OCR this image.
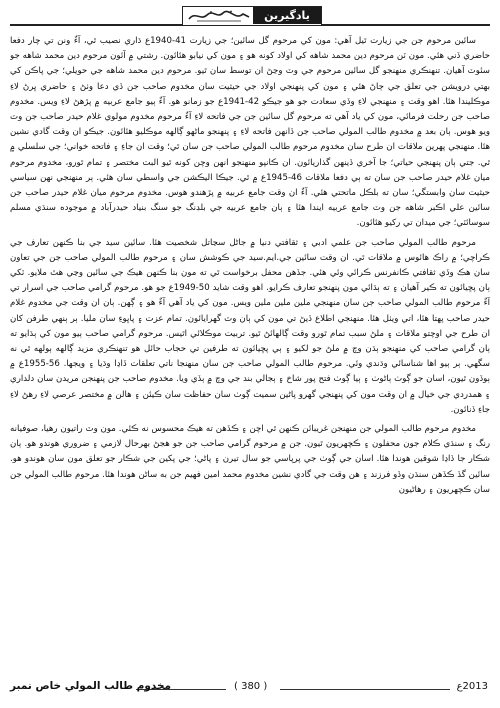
يادگيرين

سائين مرحوم جن جي زيارت ٿيل آهي: مون کي مرحوم گل سائين؛ جي زيارت 41-1940ع ڌاري نصيب ٿي، آءٌ ونن تي چار دفعا حاضري ڏني هئي. مون ٽن مرحوم دين محمد شاهه کي اولاد کونه هو ۽ مون کي نيابو هئائون. رشتي ۾ آئون مرحوم دين محمد شاهه جو سئوٽ آهيان. تنهنڪري منهنجو گل سائين مرحوم جي وٽ وڃڻ ان توسط سان ٿيو. مرحوم دين محمد شاهه جي حويلي؛ جي پاڪن کي بهتي درويشن جي تعلق جي ڄاڻ هئي ۽ مون کي پنهنجي اولاد جي حيثيت سان مخدوم صاحب جن ڏي دعا وٺڻ ۽ حاضري ڀرڻ لاءِ موڪليندا هئا. اهو وقت ۽ منهنجي لاءِ وڏي سعادت جو هو جيڪو 42-1941ع جو زمانو هو. آءٌ ٻيو جامع عربيه ۾ پڙهڻ لاءِ ويس. مخدوم صاحب جن رحلت فرمائي، مون کي ياد آهي ته مرحوم گل سائين جن جي فاتحه لاءِ آءٌ مرحوم مخدوم مولوي غلام حيدر صاحب جن وٽ ويو هوس. ٻان بعد ۾ مخدوم طالب المولي صاحب جن ڏانهن فاتحه لاءِ ۽ پنهنجو ماڻهو ڳالهه موڪليو هئائون. جيڪو ان وقت گادي نشين هئا. منهنجي پهرين ملاقات ان طرح سان مخدوم مرحوم طالب المولي صاحب جن سان ٿي؛ وقت ان جاءِ ۽ فاتحه خواني؛ جي سلسلي ۾ ٿي. جتي ٻان پنهنجي حياتي؛ جا آخري ڏينهن گذاريائون. ان ڪانپو منهنجو انهن وچن کونه ٿيو البت مختصر ۽ تمام ٿورو، مخدوم مرحوم ميان غلام حيدر صاحب جن سان ته ٻي دفعا ملاقات 46-1945ع ۾ ٿي. جيڪا اليڪشن جي واسطي سان هئي. ٻر منهنجي نهن سياسي حيثيت سان وابستگي؛ سان ته بلڪل ماتحتي هئي. آءٌ ان وقت جامع عربيه ۾ پڙهندو هوس. مخدوم مرحوم ميان غلام حيدر صاحب جن سائين علي اڪبر شاهه جن وٽ جامع عربيه ايندا هئا ۽ ٻان جامع عربيه جي بلڊنگ جو سنگ بنياد حيدرآباد ۾ موجوده سنڌي مسلم سوسائٽي؛ جي ميدان تي رکيو هئائون.

مرحوم طالب المولي صاحب جن علمي ادبي ۽ ثقافتي دنيا ۾ جاڻل سڃاتل شخصيت هئا. سائين سيد جي بنا ڪنهن تعارف جي ڪراچي؛ ۾ راڪ هائوس ۾ ملاقات ٿي. ان وقت سائين جي.ايم.سيد جي ڪوشش سان ۽ مرحوم طالب المولي صاحب جن جي تعاون سان هڪ وڏي ثقافتي ڪانفرنس ڪرائي وئي هئي. جڏهن محفل برخواست ٿي ته مون بنا ڪنهن هيڪ جي سائين وڃي هٿ ملايو. ٽکي ٻان پڇيائون ته ڪير آهيان ۽ ته ٻڌائي مون پنهنجو تعارف ڪرايو. اهو وقت شايد 50-1949ع جو هو. مرحوم گرامي صاحب جي اسرار تي آءٌ مرحوم طالب المولي صاحب جن سان منهنجي ملين ملين ملين ويس. مون کي ياد آهي آءٌ هو ۽ ڳهن. ٻان ان وقت جي مخدوم غلام حيدر صاحب پهتا هئا، اتي ويٺل هئا. منهنجي اطلاع ڏيڻ تي مون کي ٻان وٽ گهرايائون. تمام عزت ۽ پاڀوءِ سان مليا. ٻر ٻنهي طرفن کان ان طرح جي اوچتو ملاقات ۽ ملڻ سبب تمام ٿورو وقت ڳالهائڻ ٿيو. تربيت موڪلائي اٿيس. مرحوم گرامي صاحب ٻيو مون کي ٻڌايو ته ٻان گرامي صاحب کي منهنجو ٻڌن وچ ۾ ملڻ جو لکيو ۽ ٻي پڇيائون ته طرفين تي حجاب حائل هو تنهنڪري مزيد ڳالهه ٻولهه ٿي نه سگهي. ٻر ٻيو اها شناسائي وڌندي وئي. مرحوم طالب المولي صاحب جن سان منهنجا ناتي تعلقات ڏاڍا وڌيا ۽ ويجها. 56-1955ع ۾ ٻوڏون ٿيون، اسان جو ڳوٺ ٻاڻوٺ ۽ ٻيا ڳوٺ فتح پور شاخ ۽ ٻجالي بند جي وچ ۾ ٻڏي ويا. مخدوم صاحب جن پنهنجن مريدن سان دلداري ۽ همدردي جي خيال ۾ ان وقت مون کي پنهنجي گهرو پاڻين سميت ڳوٺ سان حفاظت سان ڪيئن ۽ هالن ۾ مختصر عرصي لاءِ رهڻ لاءِ جاءِ ڏنائون.

مخدوم مرحوم طالب المولي جن منهنجن غريبائن ڪنهن ٿي اچن ۽ ڪڏهن ته هيڪ محسوس نه ڪئي. مون وٽ راتيون رهيا، صوفيانه رنگ ۽ سنڌي ڪلام جون محفلون ۽ ڪچهريون ٿيون. جن ۾ مرحوم گرامي صاحب جن جو هجڻ بهرحال لازمي ۽ ضروري هوندو هو. ٻان شڪار جا ڏاڍا شوقين هوندا هئا. اسان جي ڳوٺ جي پرپاسي جو سال تيرن ۽ پاڻي؛ جي پکين جي شڪار جو تعلق مون سان هوندو هو. سائين گڏ ڪڏهن سنڌن وڏو فرزند ۽ هن وقت جي گادي نشين مخدوم محمد امين فهيم جن به ساڻن هوندا هئا. مرحوم طالب المولي جن سان ڪچهريون ۽ رهاڻيون

2013ع
( 380 )
مخدوم طالب المولي خاص نمبر
